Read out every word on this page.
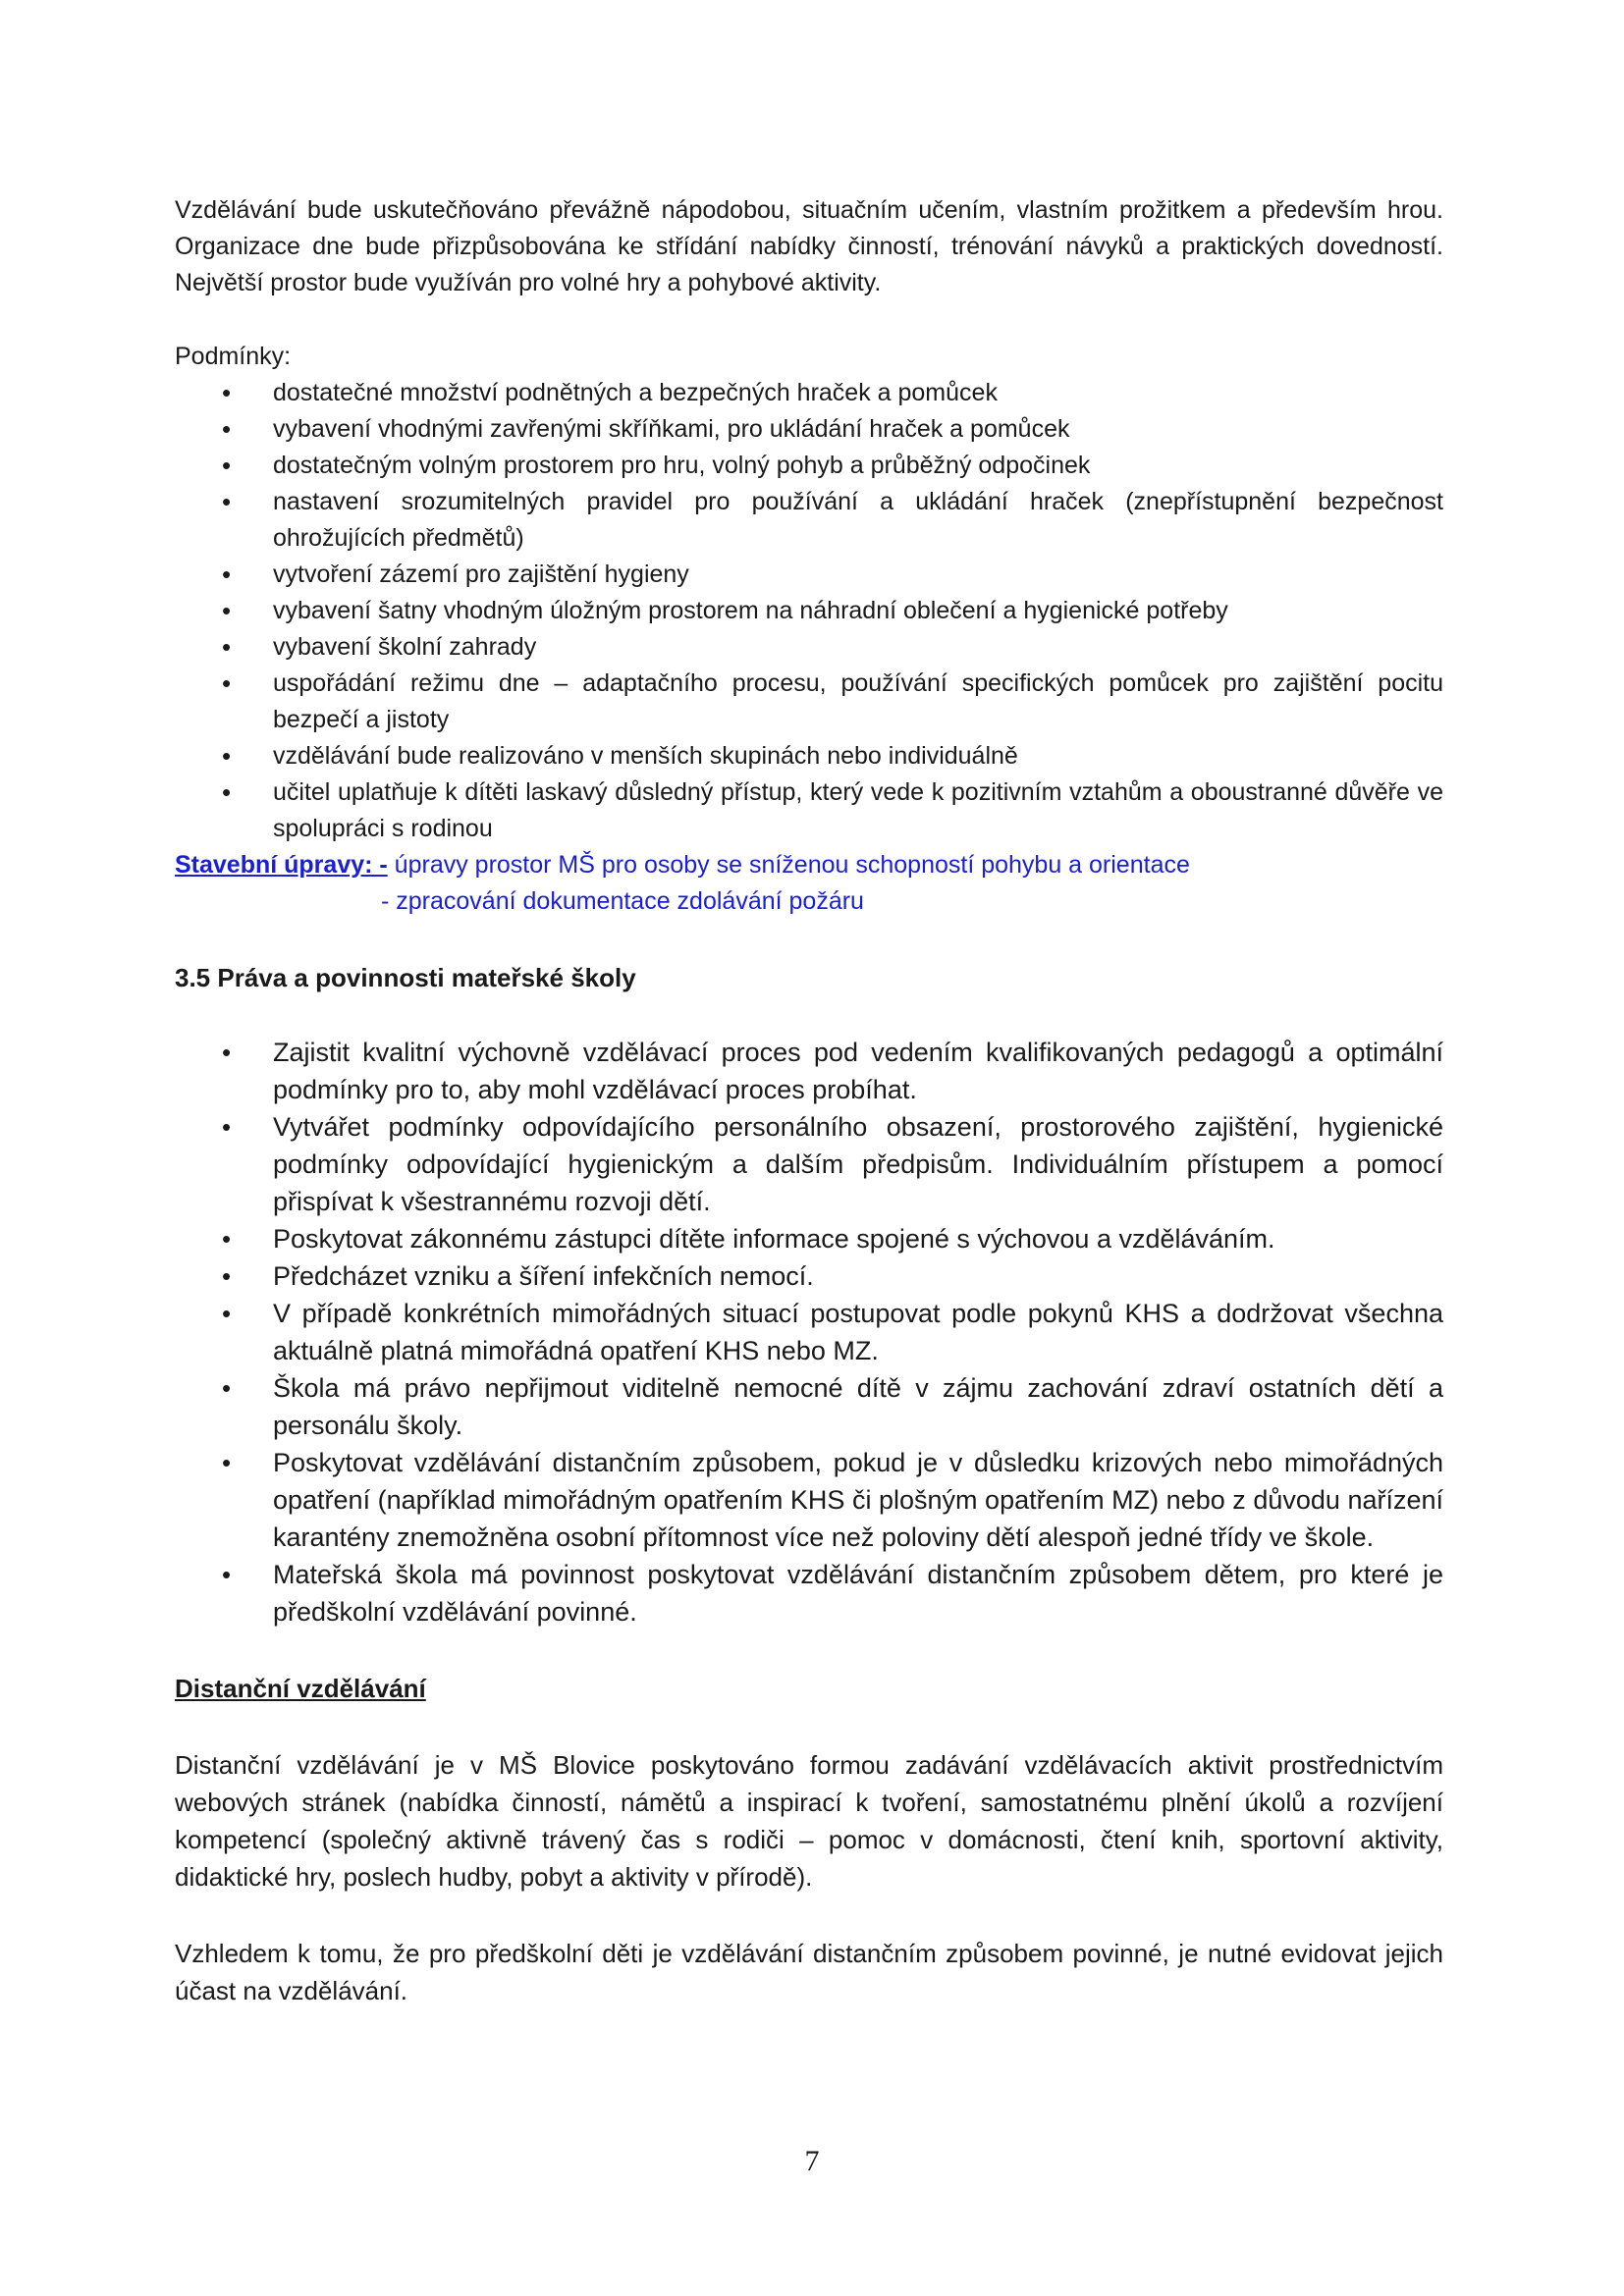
Vzdělávání bude uskutečňováno převážně nápodobou, situačním učením, vlastním prožitkem a především hrou. Organizace dne bude přizpůsobována ke střídání nabídky činností, trénování návyků a praktických dovedností. Největší prostor bude využíván pro volné hry a pohybové aktivity.

Podmínky:

• dostatečné množství podnětných a bezpečných hraček a pomůcek
• vybavení vhodnými zavřenými skříňkami, pro ukládání hraček a pomůcek
• dostatečným volným prostorem pro hru, volný pohyb a průběžný odpočinek
• nastavení srozumitelných pravidel pro používání a ukládání hraček (znepřístupnění bezpečnost ohrožujících předmětů)
• vytvoření zázemí pro zajištění hygieny
• vybavení šatny vhodným úložným prostorem na náhradní oblečení a hygienické potřeby
• vybavení školní zahrady
• uspořádání režimu dne – adaptačního procesu, používání specifických pomůcek pro zajištění pocitu bezpečí a jistoty
• vzdělávání bude realizováno v menších skupinách nebo individuálně
• učitel uplatňuje k dítěti laskavý důsledný přístup, který vede k pozitivním vztahům a oboustranné důvěře ve spolupráci s rodinou

Stavební úpravy: - úpravy prostor MŠ pro osoby se sníženou schopností pohybu a orientace
- zpracování dokumentace zdolávání požáru

3.5 Práva a povinnosti mateřské školy

• Zajistit kvalitní výchovně vzdělávací proces pod vedením kvalifikovaných pedagogů a optimální podmínky pro to, aby mohl vzdělávací proces probíhat.
• Vytvářet podmínky odpovídajícího personálního obsazení, prostorového zajištění, hygienické podmínky odpovídající hygienickým a dalším předpisům. Individuálním přístupem a pomocí přispívat k všestrannému rozvoji dětí.
• Poskytovat zákonnému zástupci dítěte informace spojené s výchovou a vzděláváním.
• Předcházet vzniku a šíření infekčních nemocí.
• V případě konkrétních mimořádných situací postupovat podle pokynů KHS a dodržovat všechna aktuálně platná mimořádná opatření KHS nebo MZ.
• Škola má právo nepřijmout viditelně nemocné dítě v zájmu zachování zdraví ostatních dětí a personálu školy.
• Poskytovat vzdělávání distančním způsobem, pokud je v důsledku krizových nebo mimořádných opatření (například mimořádným opatřením KHS či plošným opatřením MZ) nebo z důvodu nařízení karantény znemožněna osobní přítomnost více než poloviny dětí alespoň jedné třídy ve škole.
• Mateřská škola má povinnost poskytovat vzdělávání distančním způsobem dětem, pro které je předškolní vzdělávání povinné.

Distanční vzdělávání

Distanční vzdělávání je v MŠ Blovice poskytováno formou zadávání vzdělávacích aktivit prostřednictvím webových stránek (nabídka činností, námětů a inspirací k tvoření, samostatnému plnění úkolů a rozvíjení kompetencí (společný aktivně trávený čas s rodiči – pomoc v domácnosti, čtení knih, sportovní aktivity, didaktické hry, poslech hudby, pobyt a aktivity v přírodě).

Vzhledem k tomu, že pro předškolní děti je vzdělávání distančním způsobem povinné, je nutné evidovat jejich účast na vzdělávání.

7
